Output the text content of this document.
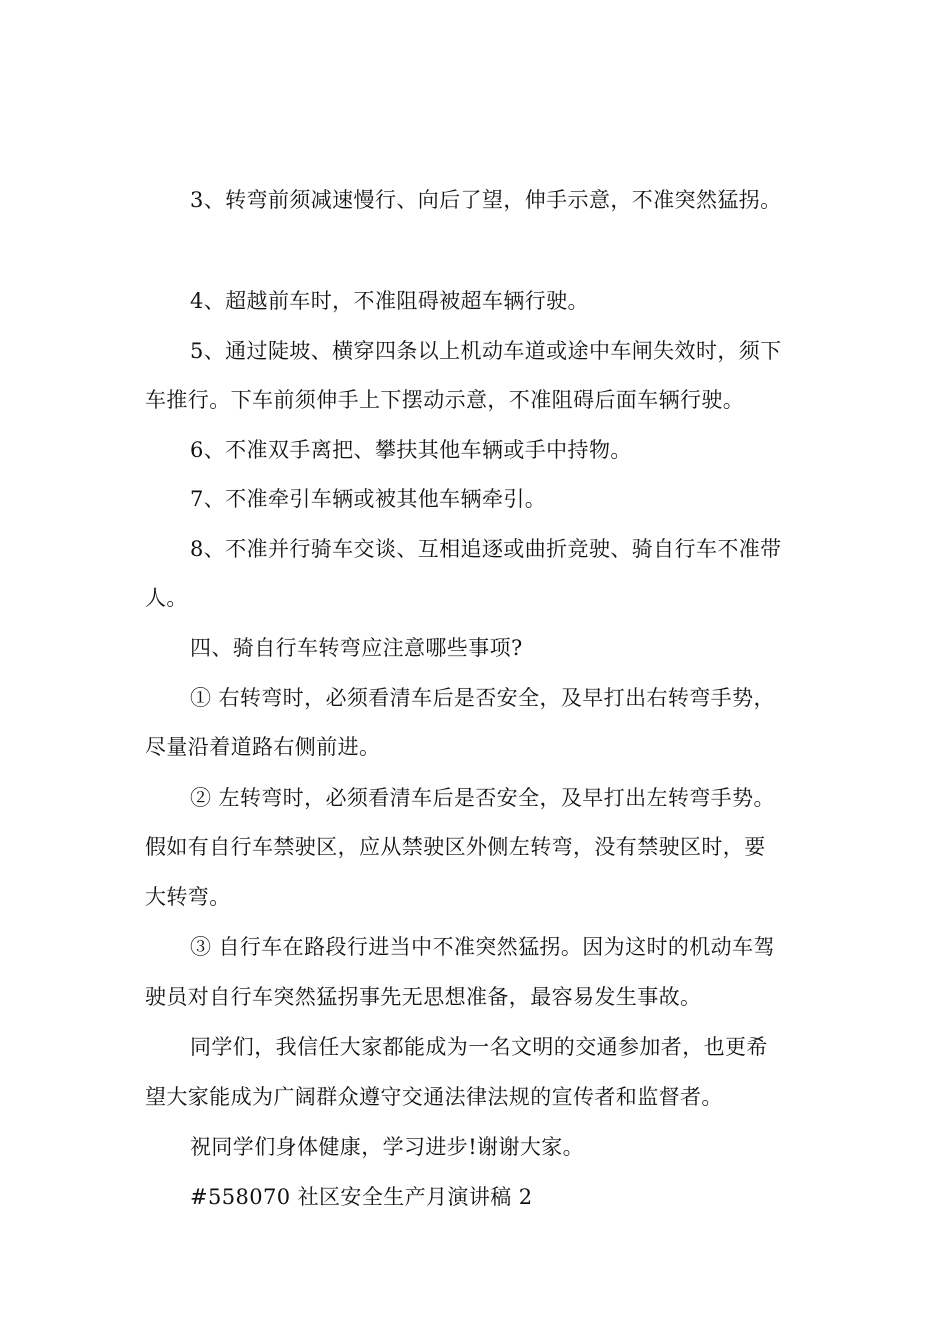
3、转弯前须减速慢行、向后了望，伸手示意，不准突然猛拐。
4、超越前车时，不准阻碍被超车辆行驶。
5、通过陡坡、横穿四条以上机动车道或途中车闸失效时，须下
车推行。下车前须伸手上下摆动示意，不准阻碍后面车辆行驶。
6、不准双手离把、攀扶其他车辆或手中持物。
7、不准牵引车辆或被其他车辆牵引。
8、不准并行骑车交谈、互相追逐或曲折竞驶、骑自行车不准带
人。
四、骑自行车转弯应注意哪些事项?
① 右转弯时，必须看清车后是否安全，及早打出右转弯手势，
尽量沿着道路右侧前进。
② 左转弯时，必须看清车后是否安全，及早打出左转弯手势。
假如有自行车禁驶区，应从禁驶区外侧左转弯，没有禁驶区时，要
大转弯。
③ 自行车在路段行进当中不准突然猛拐。因为这时的机动车驾
驶员对自行车突然猛拐事先无思想准备，最容易发生事故。
同学们，我信任大家都能成为一名文明的交通参加者，也更希
望大家能成为广阔群众遵守交通法律法规的宣传者和监督者。
祝同学们身体健康，学习进步!谢谢大家。
#558070 社区安全生产月演讲稿 2
